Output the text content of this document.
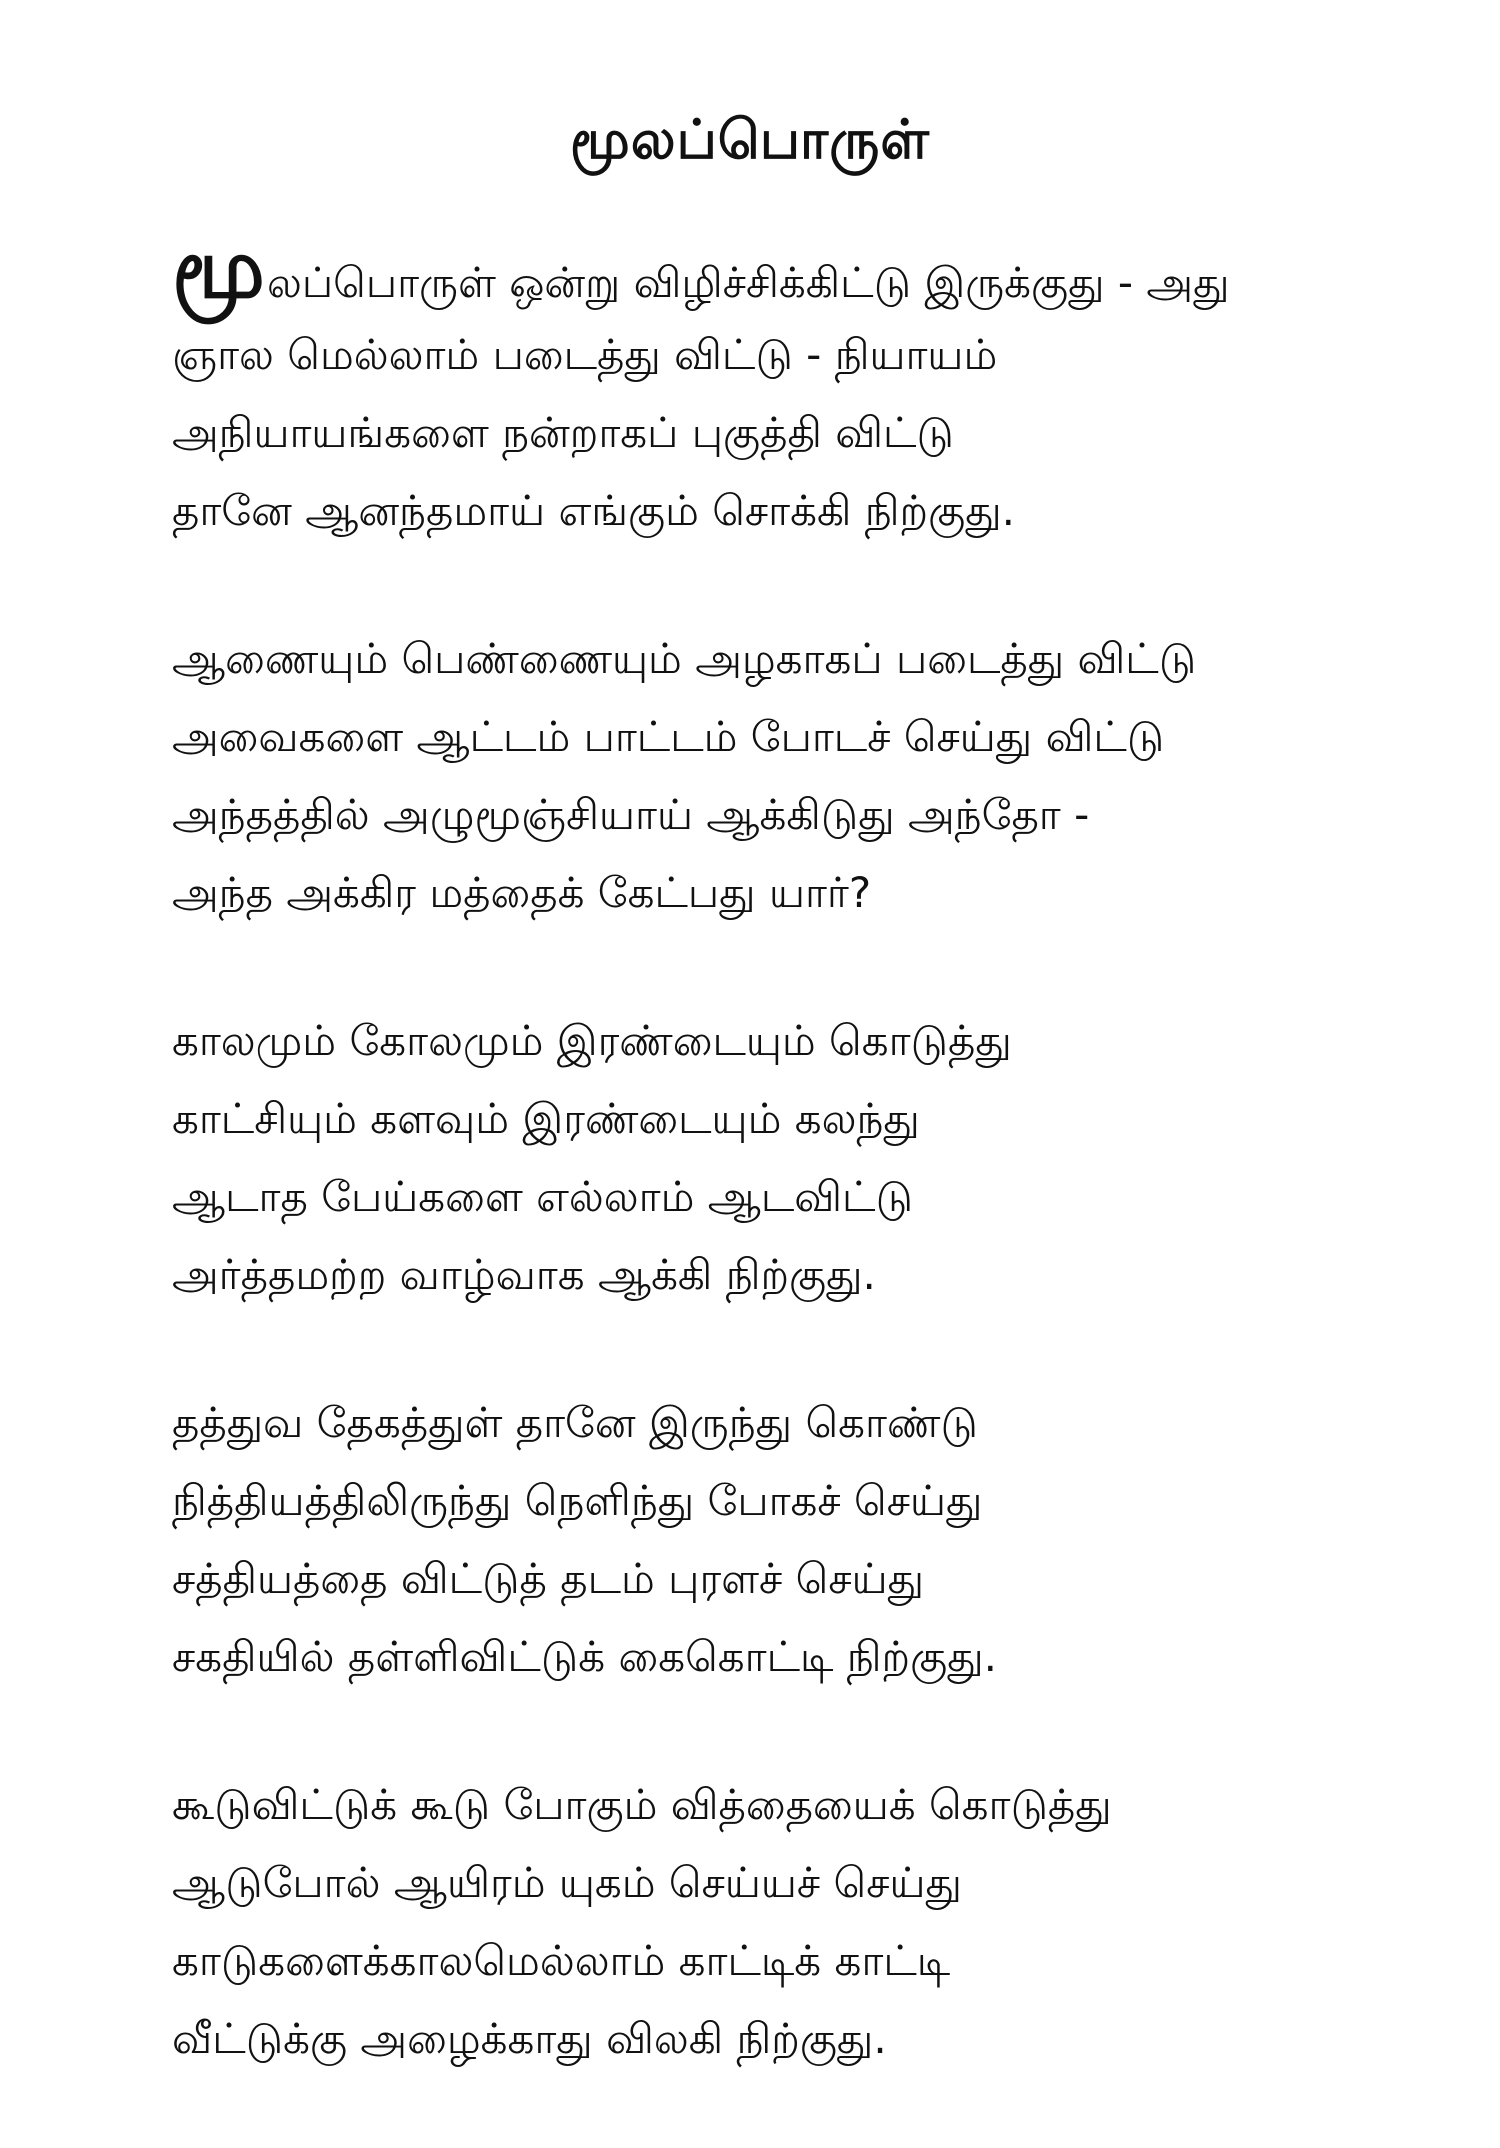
மூலப்பொருள்
மூலப்பொருள் ஒன்று விழிச்சிக்கிட்டு இருக்குது - அது
ஞால மெல்லாம் படைத்து விட்டு - நியாயம்
அநியாயங்களை நன்றாகப் புகுத்தி விட்டு
தானே ஆனந்தமாய் எங்கும் சொக்கி நிற்குது.
ஆணையும் பெண்ணையும் அழகாகப் படைத்து விட்டு
அவைகளை ஆட்டம் பாட்டம் போடச் செய்து விட்டு
அந்தத்தில் அழுமூஞ்சியாய் ஆக்கிடுது அந்தோ -
அந்த அக்கிர மத்தைக் கேட்பது யார்?
காலமும் கோலமும் இரண்டையும் கொடுத்து
காட்சியும் களவும் இரண்டையும் கலந்து
ஆடாத பேய்களை எல்லாம் ஆடவிட்டு
அர்த்தமற்ற வாழ்வாக ஆக்கி நிற்குது.
தத்துவ தேகத்துள் தானே இருந்து கொண்டு
நித்தியத்திலிருந்து நெளிந்து போகச் செய்து
சத்தியத்தை விட்டுத் தடம் புரளச் செய்து
சகதியில் தள்ளிவிட்டுக் கைகொட்டி நிற்குது.
கூடுவிட்டுக் கூடு போகும் வித்தையைக் கொடுத்து
ஆடுபோல் ஆயிரம் யுகம் செய்யச் செய்து
காடுகளைக்காலமெல்லாம் காட்டிக் காட்டி
வீட்டுக்கு அழைக்காது விலகி நிற்குது.
